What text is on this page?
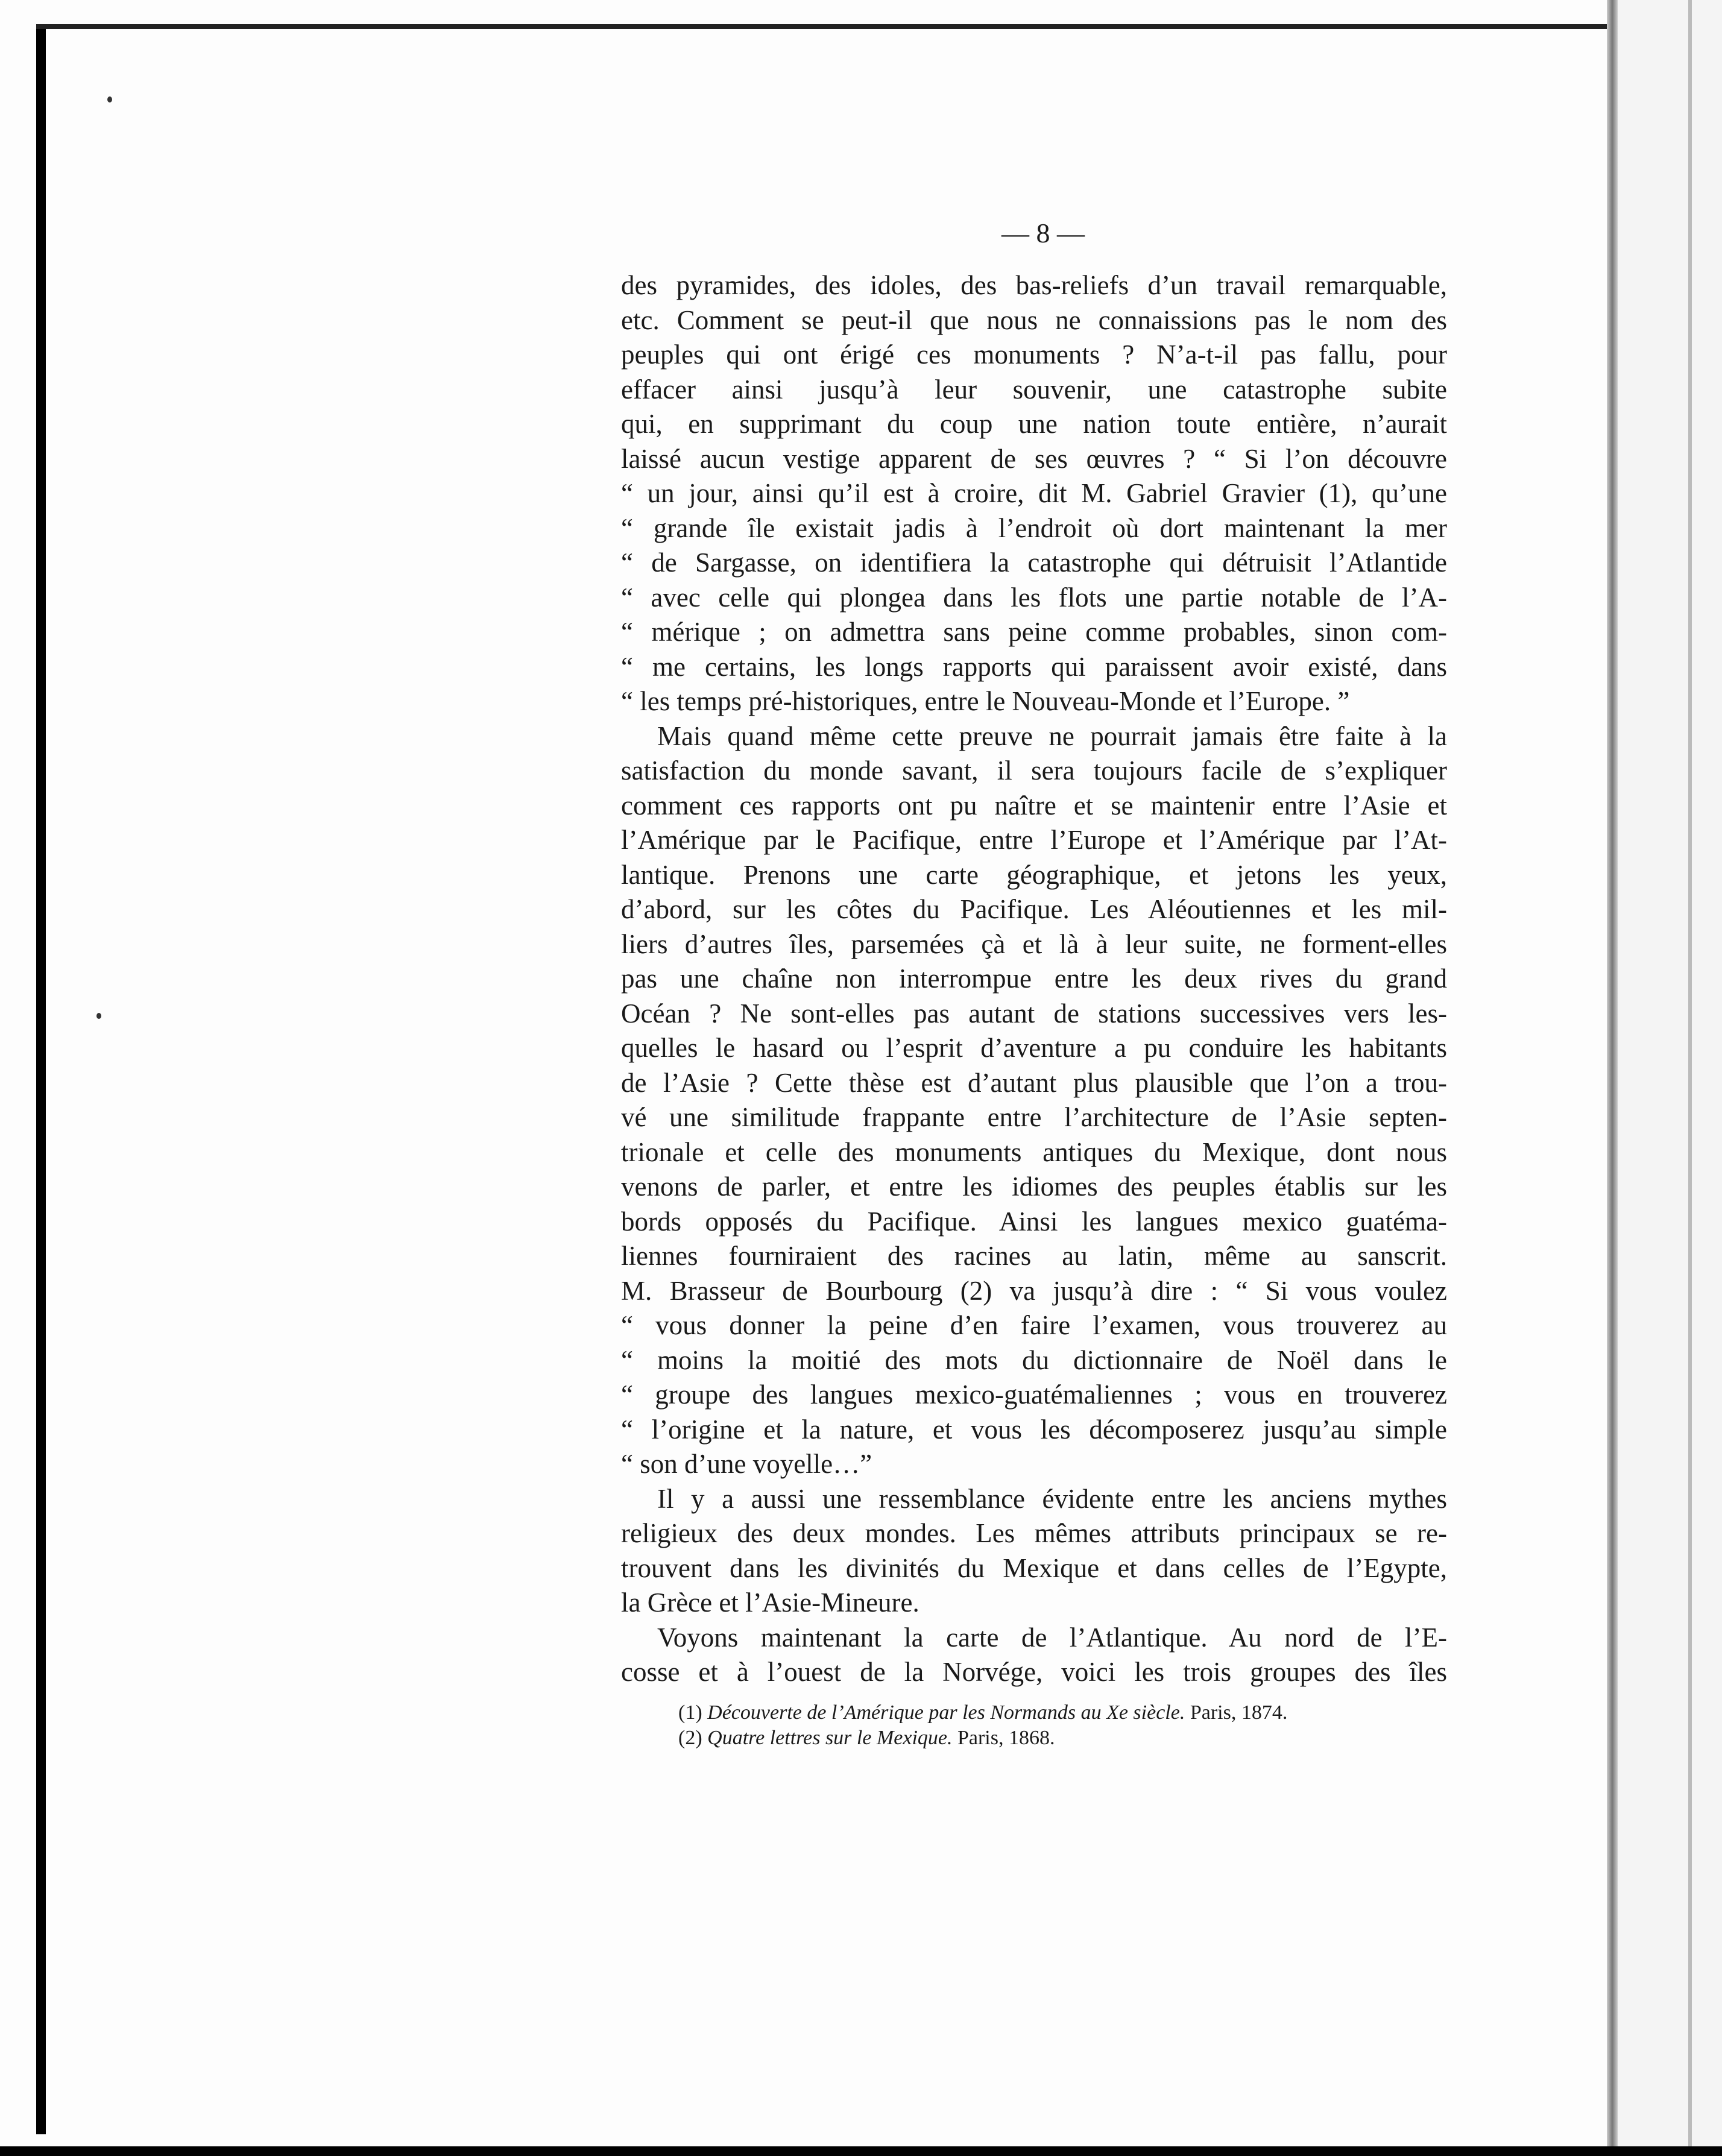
— 8 —
des pyramides, des idoles, des bas-reliefs d’un travail remarquable,
etc. Comment se peut-il que nous ne connaissions pas le nom des
peuples qui ont érigé ces monuments ? N’a-t-il pas fallu, pour
effacer ainsi jusqu’à leur souvenir, une catastrophe subite
qui, en supprimant du coup une nation toute entière, n’aurait
laissé aucun vestige apparent de ses œuvres ? “ Si l’on découvre
“ un jour, ainsi qu’il est à croire, dit M. Gabriel Gravier (1), qu’une
“ grande île existait jadis à l’endroit où dort maintenant la mer
“ de Sargasse, on identifiera la catastrophe qui détruisit l’Atlantide
“ avec celle qui plongea dans les flots une partie notable de l’A-
“ mérique ; on admettra sans peine comme probables, sinon com-
“ me certains, les longs rapports qui paraissent avoir existé, dans
“ les temps pré-historiques, entre le Nouveau-Monde et l’Europe. ”
Mais quand même cette preuve ne pourrait jamais être faite à la
satisfaction du monde savant, il sera toujours facile de s’expliquer
comment ces rapports ont pu naître et se maintenir entre l’Asie et
l’Amérique par le Pacifique, entre l’Europe et l’Amérique par l’At-
lantique. Prenons une carte géographique, et jetons les yeux,
d’abord, sur les côtes du Pacifique. Les Aléoutiennes et les mil-
liers d’autres îles, parsemées çà et là à leur suite, ne forment-elles
pas une chaîne non interrompue entre les deux rives du grand
Océan ? Ne sont-elles pas autant de stations successives vers les-
quelles le hasard ou l’esprit d’aventure a pu conduire les habitants
de l’Asie ? Cette thèse est d’autant plus plausible que l’on a trou-
vé une similitude frappante entre l’architecture de l’Asie septen-
trionale et celle des monuments antiques du Mexique, dont nous
venons de parler, et entre les idiomes des peuples établis sur les
bords opposés du Pacifique. Ainsi les langues mexico guatéma-
liennes fourniraient des racines au latin, même au sanscrit.
M. Brasseur de Bourbourg (2) va jusqu’à dire : “ Si vous voulez
“ vous donner la peine d’en faire l’examen, vous trouverez au
“ moins la moitié des mots du dictionnaire de Noël dans le
“ groupe des langues mexico-guatémaliennes ; vous en trouverez
“ l’origine et la nature, et vous les décomposerez jusqu’au simple
“ son d’une voyelle…”
Il y a aussi une ressemblance évidente entre les anciens mythes
religieux des deux mondes. Les mêmes attributs principaux se re-
trouvent dans les divinités du Mexique et dans celles de l’Egypte,
la Grèce et l’Asie-Mineure.
Voyons maintenant la carte de l’Atlantique. Au nord de l’E-
cosse et à l’ouest de la Norvége, voici les trois groupes des îles
(1) Découverte de l’Amérique par les Normands au Xe siècle. Paris, 1874.
(2) Quatre lettres sur le Mexique. Paris, 1868.
